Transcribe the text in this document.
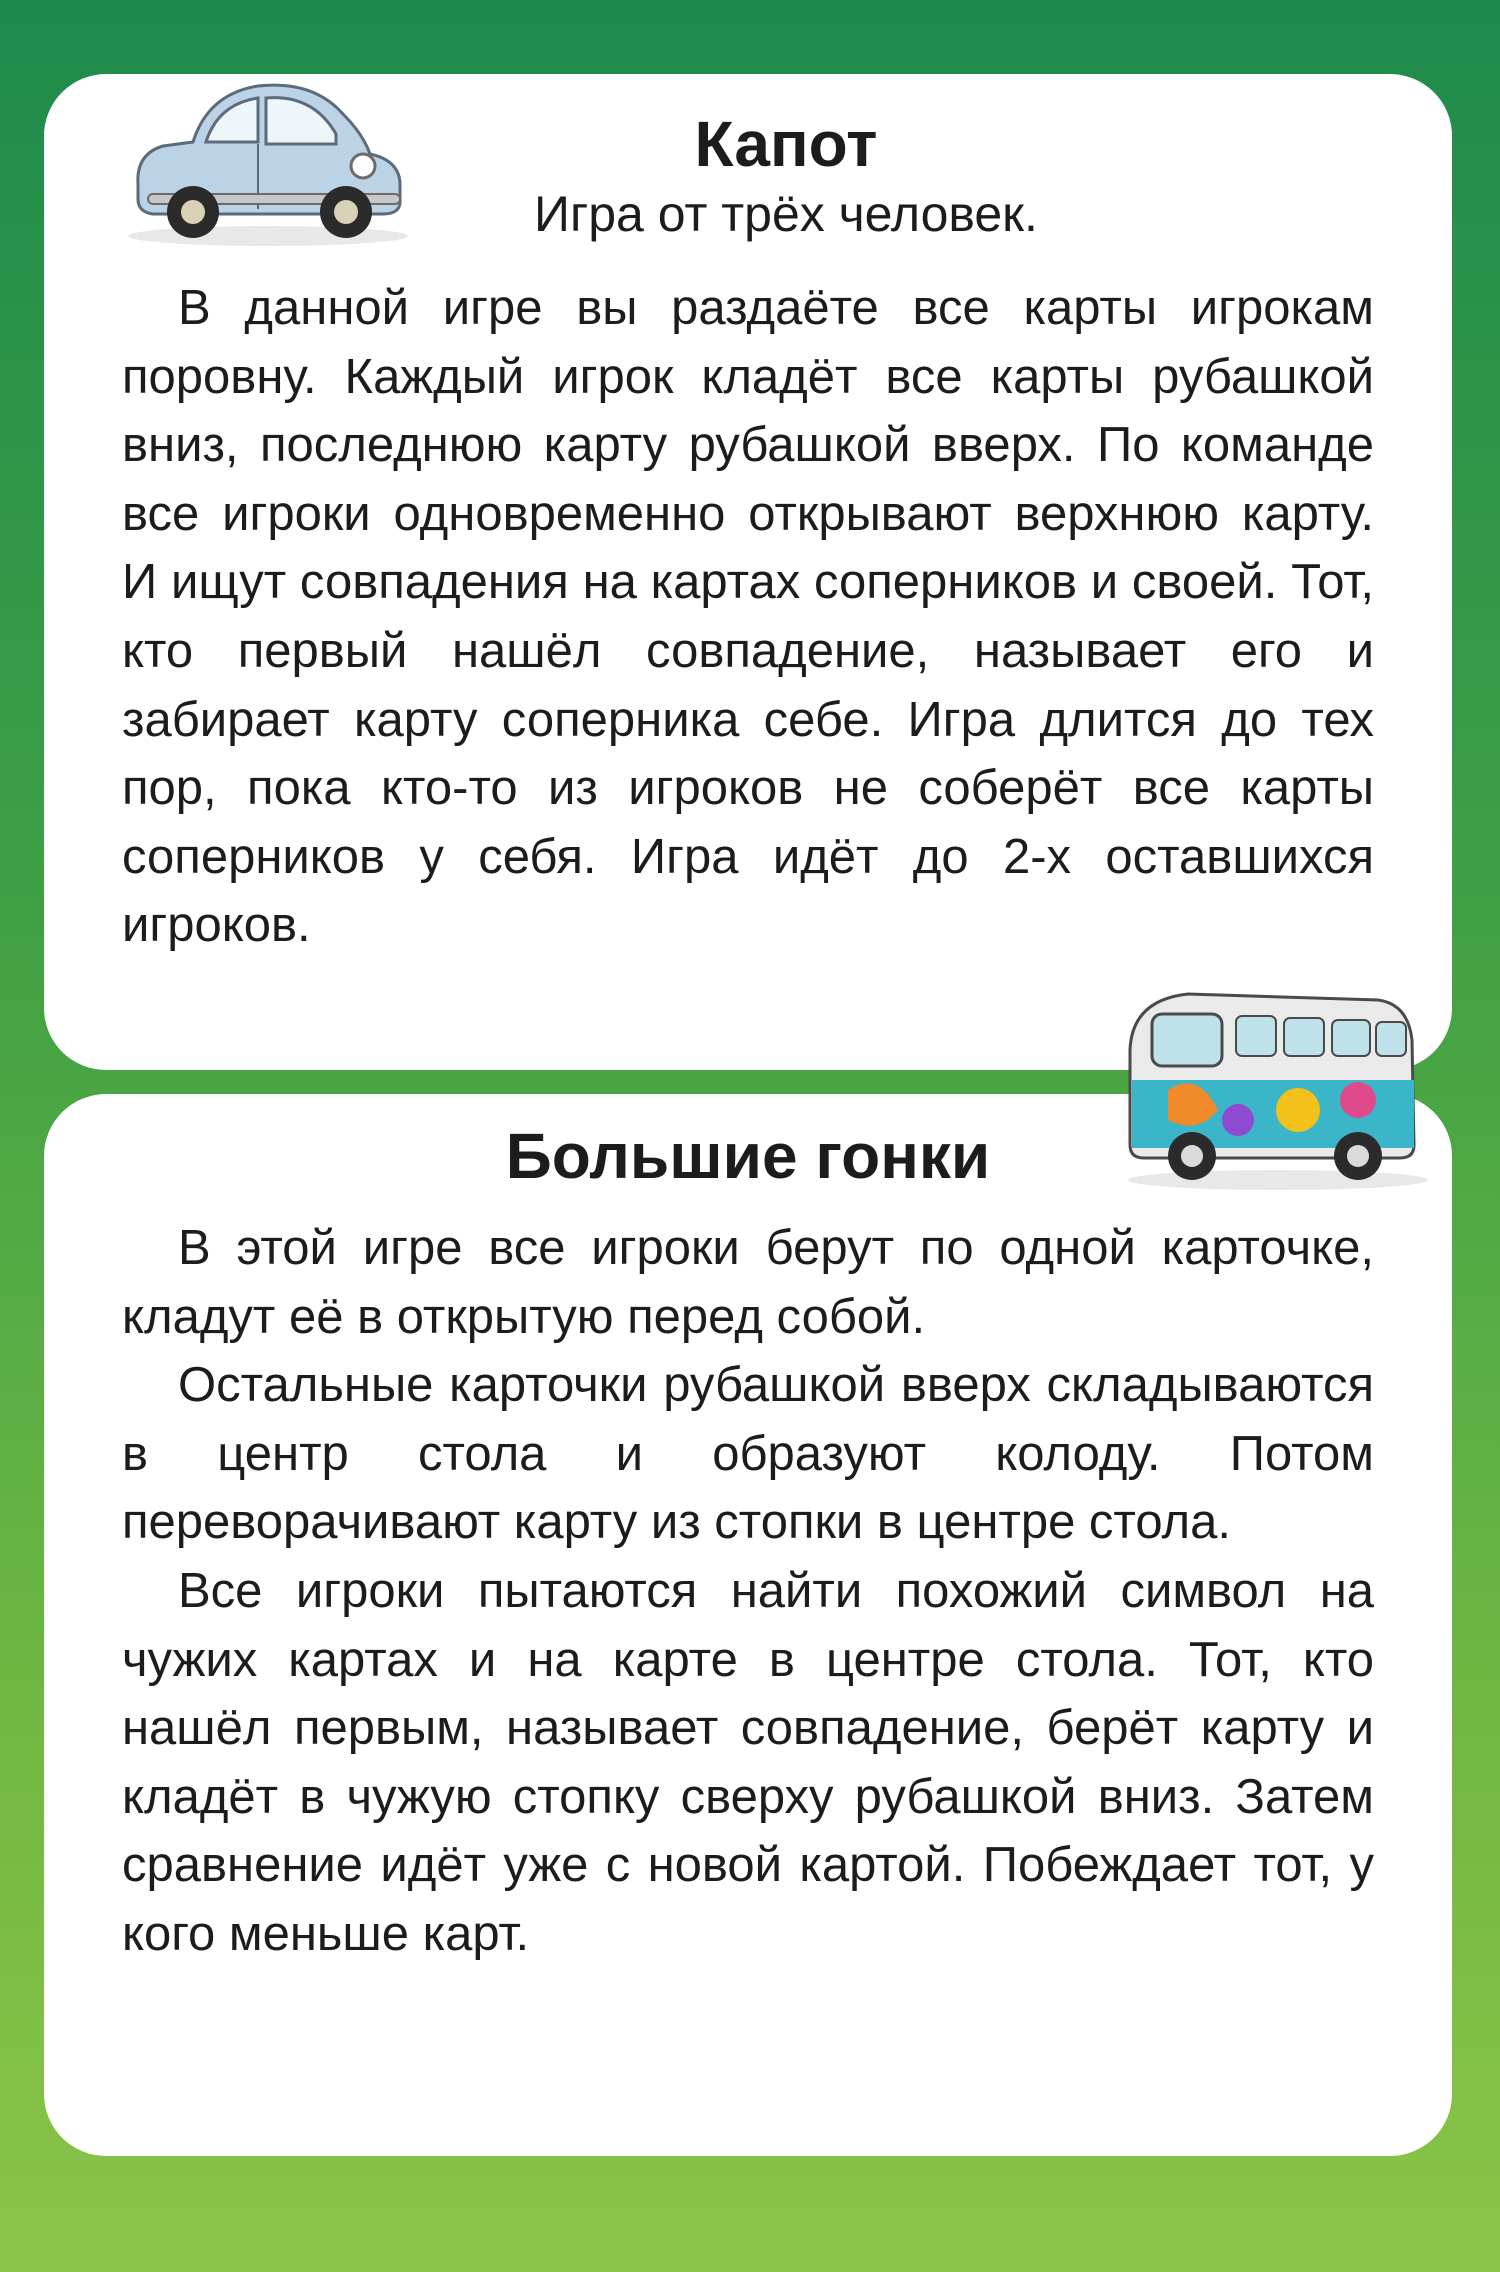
Капот
Игра от трёх человек.

В данной игре вы раздаёте все карты игрокам поровну. Каждый игрок кладёт все карты рубашкой вниз, последнюю карту рубашкой вверх. По команде все игроки одновременно открывают верхнюю карту. И ищут совпадения на картах соперников и своей. Тот, кто первый нашёл совпадение, называет его и забирает карту соперника себе. Игра длится до тех пор, пока кто-то из игроков не соберёт все карты соперников у себя. Игра идёт до 2-х оставшихся игроков.

Большие гонки

В этой игре все игроки берут по одной карточке, кладут её в открытую перед собой.

Остальные карточки рубашкой вверх складываются в центр стола и образуют колоду. Потом переворачивают карту из стопки в центре стола.

Все игроки пытаются найти похожий символ на чужих картах и на карте в центре стола. Тот, кто нашёл первым, называет совпадение, берёт карту и кладёт в чужую стопку сверху рубашкой вниз. Затем сравнение идёт уже с новой картой. Побеждает тот, у кого меньше карт.
